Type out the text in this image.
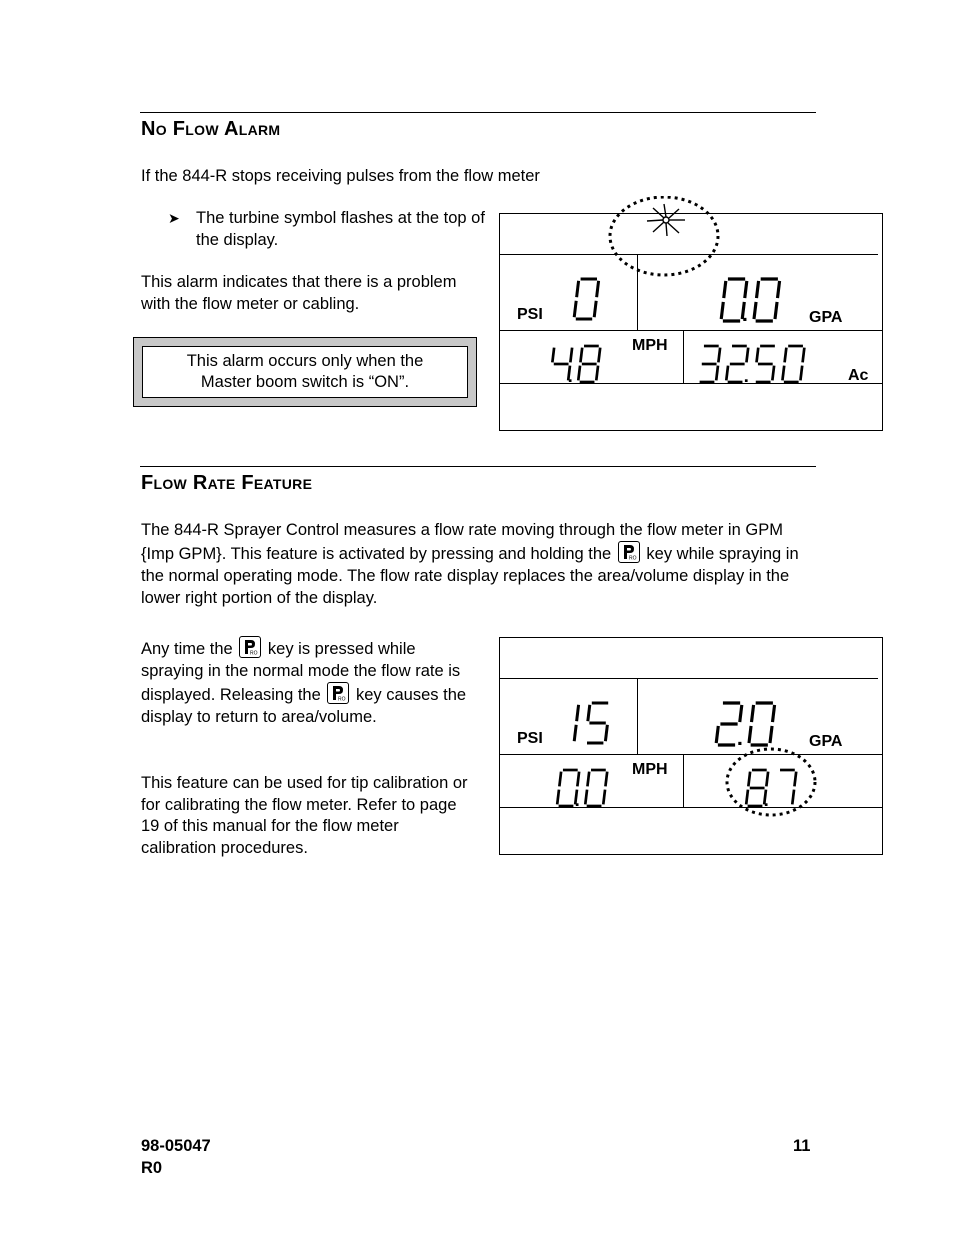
No Flow Alarm
If the 844-R stops receiving pulses from the flow meter
➤ The turbine symbol flashes at the top of the display.
This alarm indicates that there is a problem with the flow meter or cabling.
This alarm occurs only when the
Master boom switch is “ON”.
PSI	GPA
MPH
Ac
Flow Rate Feature
The 844-R Sprayer Control measures a flow rate moving through the flow meter in GPM {Imp GPM}. This feature is activated by pressing and holding the	RO key while spraying in the normal operating mode. The flow rate display replaces the area/volume display in the lower right portion of the display.
Any time the	RO key is pressed while spraying in the normal mode the flow rate is displayed. Releasing the	RO key causes the display to return to area/volume.
This feature can be used for tip calibration or for calibrating the flow meter. Refer to page 19 of this manual for the flow meter calibration procedures.
PSI	GPA
MPH
98-05047
R0
11
